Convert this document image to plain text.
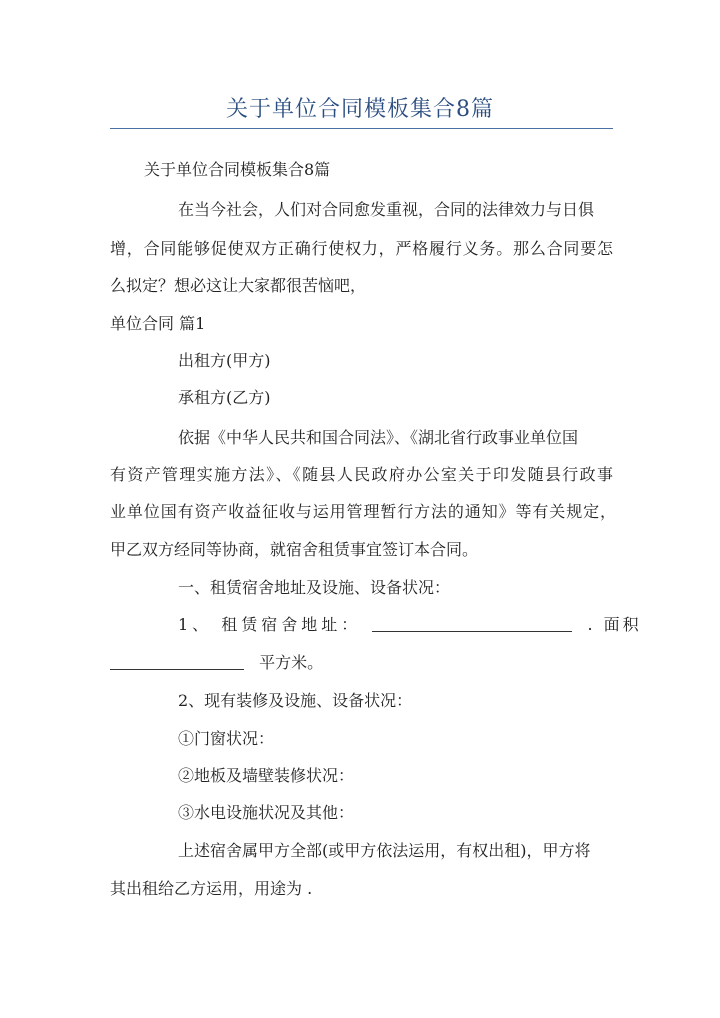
关于单位合同模板集合8篇
关于单位合同模板集合8篇
在当今社会，人们对合同愈发重视，合同的法律效力与日俱
增，合同能够促使双方正确行使权力，严格履行义务。那么合同要怎
么拟定？想必这让大家都很苦恼吧，
单位合同 篇1
出租方(甲方)
承租方(乙方)
依据《中华人民共和国合同法》、《湖北省行政事业单位国
有资产管理实施方法》、《随县人民政府办公室关于印发随县行政事
业单位国有资产收益征收与运用管理暂行方法的通知》等有关规定，
甲乙双方经同等协商，就宿舍租赁事宜签订本合同。
一、租赁宿舍地址及设施、设备状况：
1、 租赁宿舍地址：	. 面积
平方米。
2、现有装修及设施、设备状况：
①门窗状况：
②地板及墙壁装修状况：
③水电设施状况及其他：
上述宿舍属甲方全部(或甲方依法运用，有权出租)，甲方将
其出租给乙方运用，用途为 .
